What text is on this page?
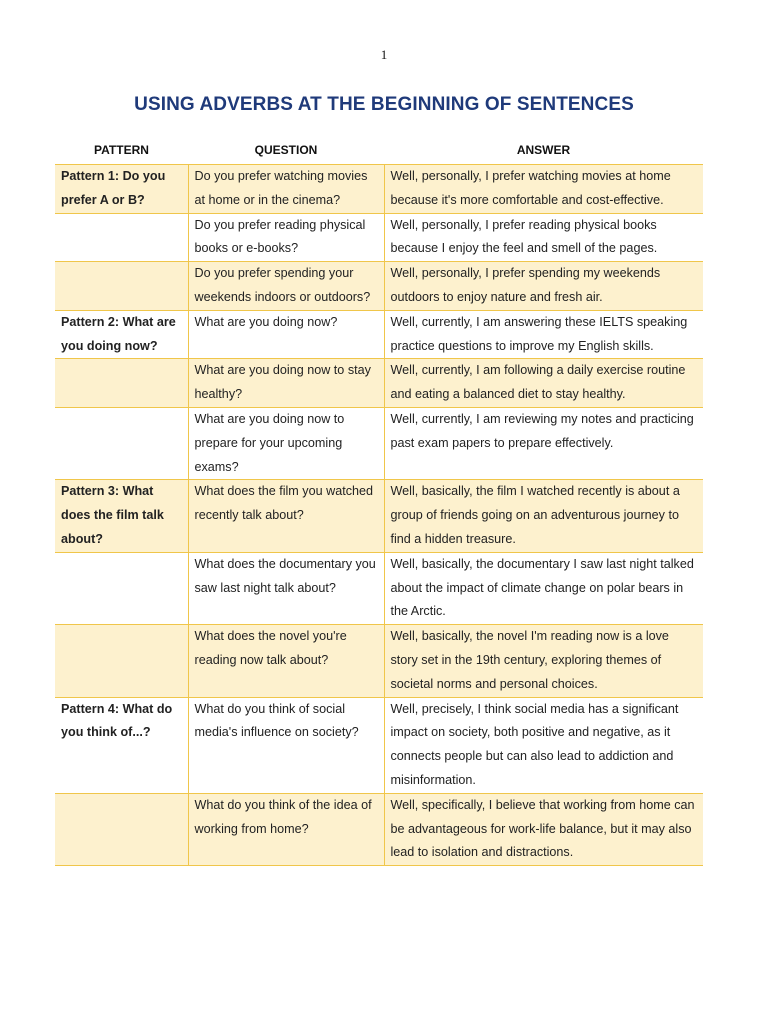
1
USING ADVERBS AT THE BEGINNING OF SENTENCES
PATTERN	QUESTION	ANSWER
Pattern 1: Do you prefer A or B?	Do you prefer watching movies at home or in the cinema?	Well, personally, I prefer watching movies at home because it's more comfortable and cost-effective.
	Do you prefer reading physical books or e-books?	Well, personally, I prefer reading physical books because I enjoy the feel and smell of the pages.
	Do you prefer spending your weekends indoors or outdoors?	Well, personally, I prefer spending my weekends outdoors to enjoy nature and fresh air.
Pattern 2: What are you doing now?	What are you doing now?	Well, currently, I am answering these IELTS speaking practice questions to improve my English skills.
	What are you doing now to stay healthy?	Well, currently, I am following a daily exercise routine and eating a balanced diet to stay healthy.
	What are you doing now to prepare for your upcoming exams?	Well, currently, I am reviewing my notes and practicing past exam papers to prepare effectively.
Pattern 3: What does the film talk about?	What does the film you watched recently talk about?	Well, basically, the film I watched recently is about a group of friends going on an adventurous journey to find a hidden treasure.
	What does the documentary you saw last night talk about?	Well, basically, the documentary I saw last night talked about the impact of climate change on polar bears in the Arctic.
	What does the novel you're reading now talk about?	Well, basically, the novel I'm reading now is a love story set in the 19th century, exploring themes of societal norms and personal choices.
Pattern 4: What do you think of...?	What do you think of social media's influence on society?	Well, precisely, I think social media has a significant impact on society, both positive and negative, as it connects people but can also lead to addiction and misinformation.
	What do you think of the idea of working from home?	Well, specifically, I believe that working from home can be advantageous for work-life balance, but it may also lead to isolation and distractions.
